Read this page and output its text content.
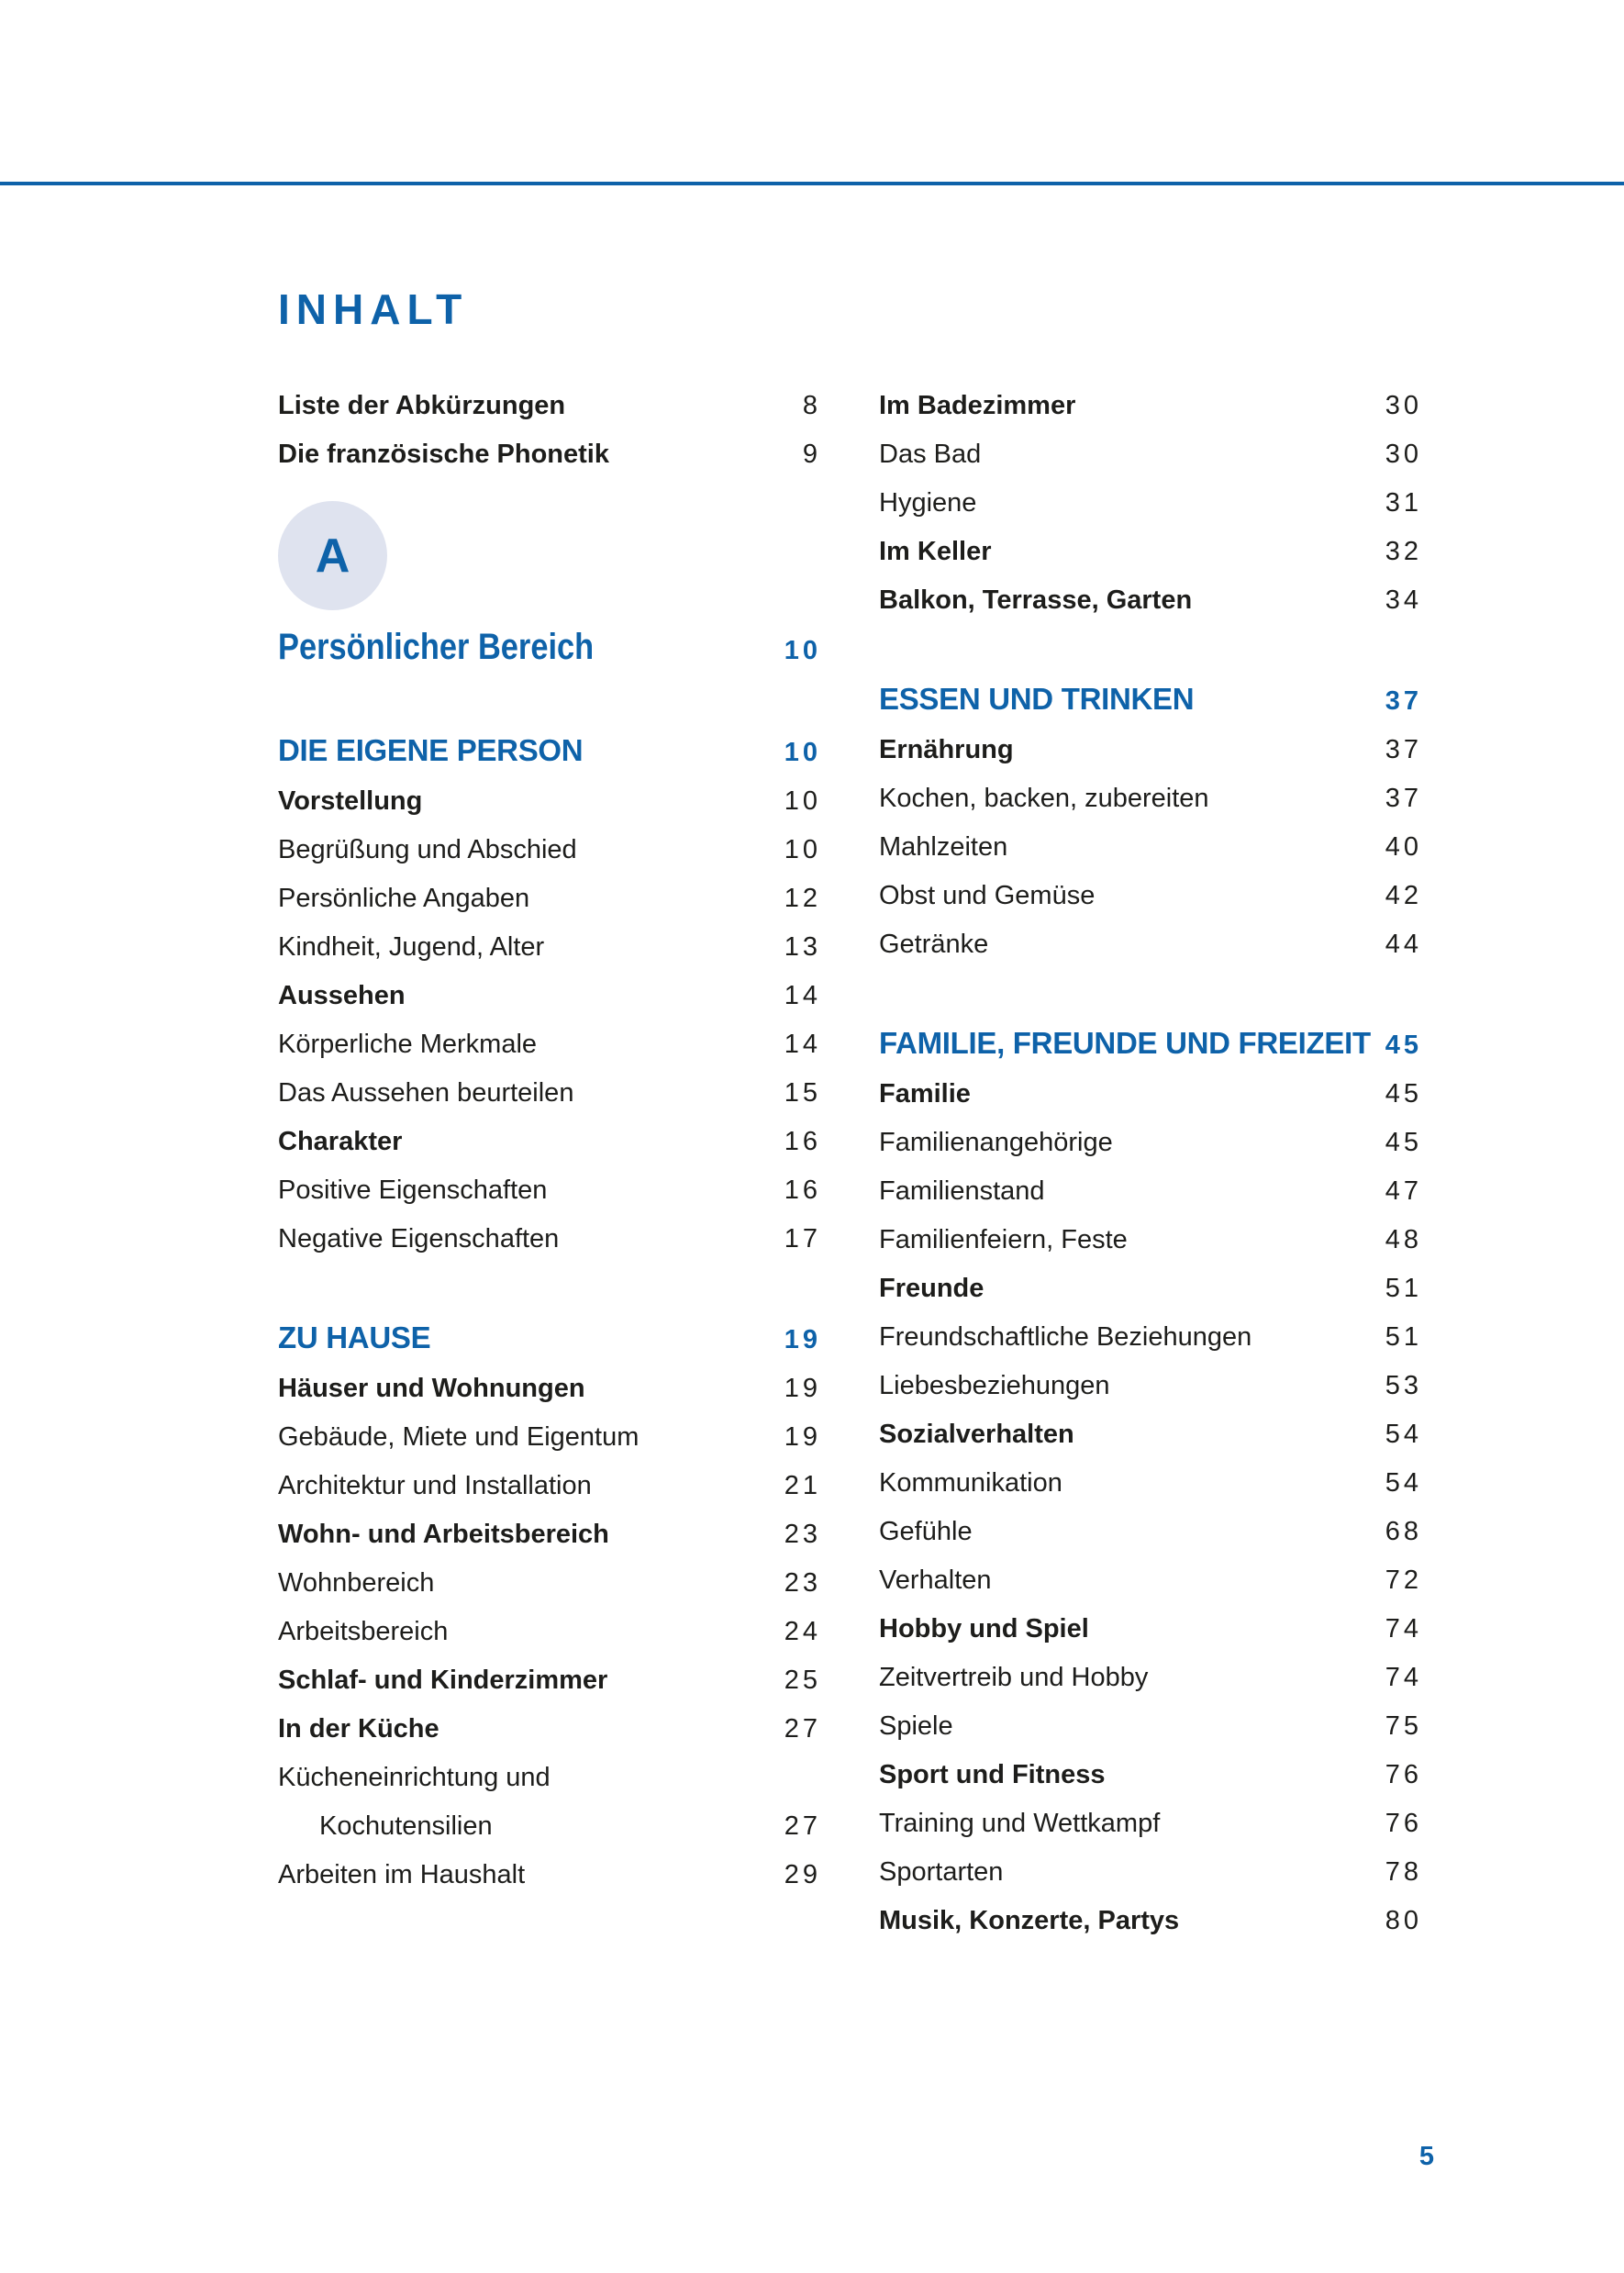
INHALT
Liste der Abkürzungen	8
Die französische Phonetik	9
A
Persönlicher Bereich	10
DIE EIGENE PERSON	10
Vorstellung	10
Begrüßung und Abschied	10
Persönliche Angaben	12
Kindheit, Jugend, Alter	13
Aussehen	14
Körperliche Merkmale	14
Das Aussehen beurteilen	15
Charakter	16
Positive Eigenschaften	16
Negative Eigenschaften	17
ZU HAUSE	19
Häuser und Wohnungen	19
Gebäude, Miete und Eigentum	19
Architektur und Installation	21
Wohn- und Arbeitsbereich	23
Wohnbereich	23
Arbeitsbereich	24
Schlaf- und Kinderzimmer	25
In der Küche	27
Kücheneinrichtung und
Kochutensilien	27
Arbeiten im Haushalt	29
Im Badezimmer	30
Das Bad	30
Hygiene	31
Im Keller	32
Balkon, Terrasse, Garten	34
ESSEN UND TRINKEN	37
Ernährung	37
Kochen, backen, zubereiten	37
Mahlzeiten	40
Obst und Gemüse	42
Getränke	44
FAMILIE, FREUNDE UND FREIZEIT 45
Familie	45
Familienangehörige	45
Familienstand	47
Familienfeiern, Feste	48
Freunde	51
Freundschaftliche Beziehungen	51
Liebesbeziehungen	53
Sozialverhalten	54
Kommunikation	54
Gefühle	68
Verhalten	72
Hobby und Spiel	74
Zeitvertreib und Hobby	74
Spiele	75
Sport und Fitness	76
Training und Wettkampf	76
Sportarten	78
Musik, Konzerte, Partys	80
5
